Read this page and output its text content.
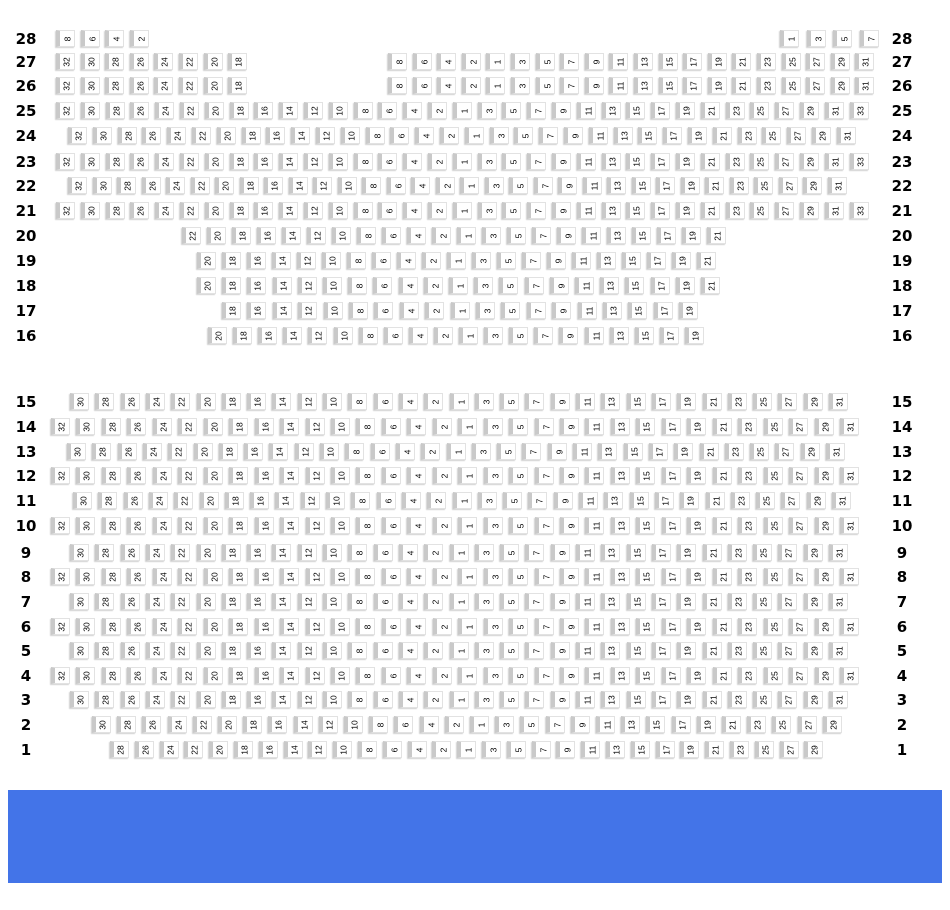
28	28
8 6 4 2	1 3 5 7
27	27
32 30 28 26 24 22 20 18	8 6 4 2 1 3 5 7 9 11 13 15 17 19 21 23 25 27 29 31
26	26
32 30 28 26 24 22 20 18	8 6 4 2 1 3 5 7 9 11 13 15 17 19 21 23 25 27 29 31
25	25
32 30 28 26 24 22 20 18 16 14 12 10 8 6 4 2 1 3 5 7 9 11 13 15 17 19 21 23 25 27 29 31 33
24	24
32 30 28 26 24 22 20 18 16 14 12 10 8 6 4 2 1 3 5 7 9 11 13 15 17 19 21 23 25 27 29 31
23	23
32 30 28 26 24 22 20 18 16 14 12 10 8 6 4 2 1 3 5 7 9 11 13 15 17 19 21 23 25 27 29 31 33
22	22
32 30 28 26 24 22 20 18 16 14 12 10 8 6 4 2 1 3 5 7 9 11 13 15 17 19 21 23 25 27 29 31
21	21
32 30 28 26 24 22 20 18 16 14 12 10 8 6 4 2 1 3 5 7 9 11 13 15 17 19 21 23 25 27 29 31 33
20	20
22 20 18 16 14 12 10 8 6 4 2 1 3 5 7 9 11 13 15 17 19 21
19	19
20 18 16 14 12 10 8 6 4 2 1 3 5 7 9 11 13 15 17 19 21
18	18
20 18 16 14 12 10 8 6 4 2 1 3 5 7 9 11 13 15 17 19 21
17	17
18 16 14 12 10 8 6 4 2 1 3 5 7 9 11 13 15 17 19
16	16
20 18 16 14 12 10 8 6 4 2 1 3 5 7 9 11 13 15 17 19
15	15
30 28 26 24 22 20 18 16 14 12 10 8 6 4 2 1 3 5 7 9 11 13 15 17 19 21 23 25 27 29 31
14	14
32 30 28 26 24 22 20 18 16 14 12 10 8 6 4 2 1 3 5 7 9 11 13 15 17 19 21 23 25 27 29 31
13	13
30 28 26 24 22 20 18 16 14 12 10 8 6 4 2 1 3 5 7 9 11 13 15 17 19 21 23 25 27 29 31
12	12
32 30 28 26 24 22 20 18 16 14 12 10 8 6 4 2 1 3 5 7 9 11 13 15 17 19 21 23 25 27 29 31
11	11
30 28 26 24 22 20 18 16 14 12 10 8 6 4 2 1 3 5 7 9 11 13 15 17 19 21 23 25 27 29 31
10	10
32 30 28 26 24 22 20 18 16 14 12 10 8 6 4 2 1 3 5 7 9 11 13 15 17 19 21 23 25 27 29 31
9	9
30 28 26 24 22 20 18 16 14 12 10 8 6 4 2 1 3 5 7 9 11 13 15 17 19 21 23 25 27 29 31
8	8
32 30 28 26 24 22 20 18 16 14 12 10 8 6 4 2 1 3 5 7 9 11 13 15 17 19 21 23 25 27 29 31
7	7
30 28 26 24 22 20 18 16 14 12 10 8 6 4 2 1 3 5 7 9 11 13 15 17 19 21 23 25 27 29 31
6	6
32 30 28 26 24 22 20 18 16 14 12 10 8 6 4 2 1 3 5 7 9 11 13 15 17 19 21 23 25 27 29 31
5	5
30 28 26 24 22 20 18 16 14 12 10 8 6 4 2 1 3 5 7 9 11 13 15 17 19 21 23 25 27 29 31
4	4
32 30 28 26 24 22 20 18 16 14 12 10 8 6 4 2 1 3 5 7 9 11 13 15 17 19 21 23 25 27 29 31
3	3
30 28 26 24 22 20 18 16 14 12 10 8 6 4 2 1 3 5 7 9 11 13 15 17 19 21 23 25 27 29 31
2	2
30 28 26 24 22 20 18 16 14 12 10 8 6 4 2 1 3 5 7 9 11 13 15 17 19 21 23 25 27 29
1	1
28 26 24 22 20 18 16 14 12 10 8 6 4 2 1 3 5 7 9 11 13 15 17 19 21 23 25 27 29
